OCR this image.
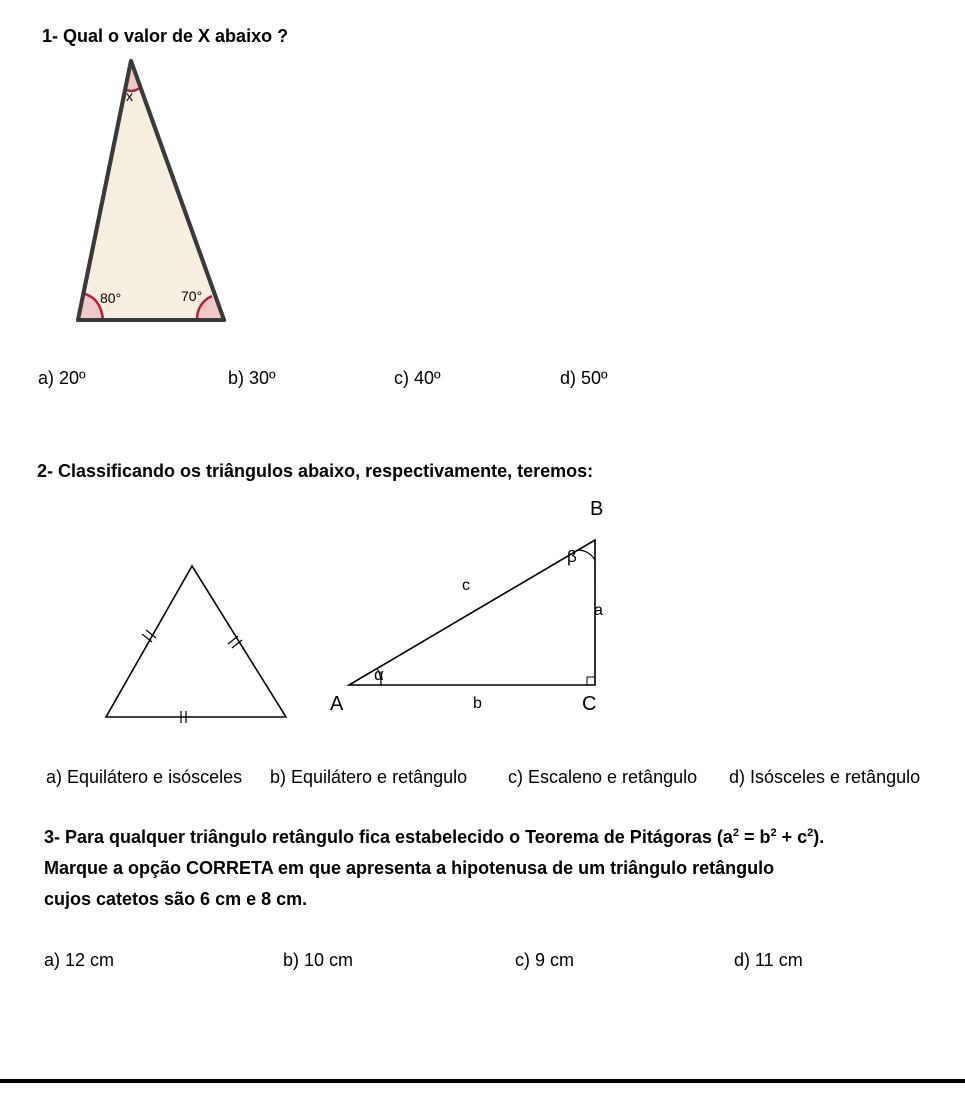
1- Qual o valor de X abaixo ?
x
80°	70°
a) 20º	b) 30º	c) 40º	d) 50º
2- Classificando os triângulos abaixo, respectivamente, teremos:
B
A	C
β
α
c
a
b
a) Equilátero e isósceles b) Equilátero e retângulo c) Escaleno e retângulo d) Isósceles e retângulo
3- Para qualquer triângulo retângulo fica estabelecido o Teorema de Pitágoras $(a^2 = b^2 + c^2)$.
Marque a opção CORRETA em que apresenta a hipotenusa de um triângulo retângulo
cujos catetos são 6 cm e 8 cm.
a) 12 cm	b) 10 cm	c) 9 cm	d) 11 cm
